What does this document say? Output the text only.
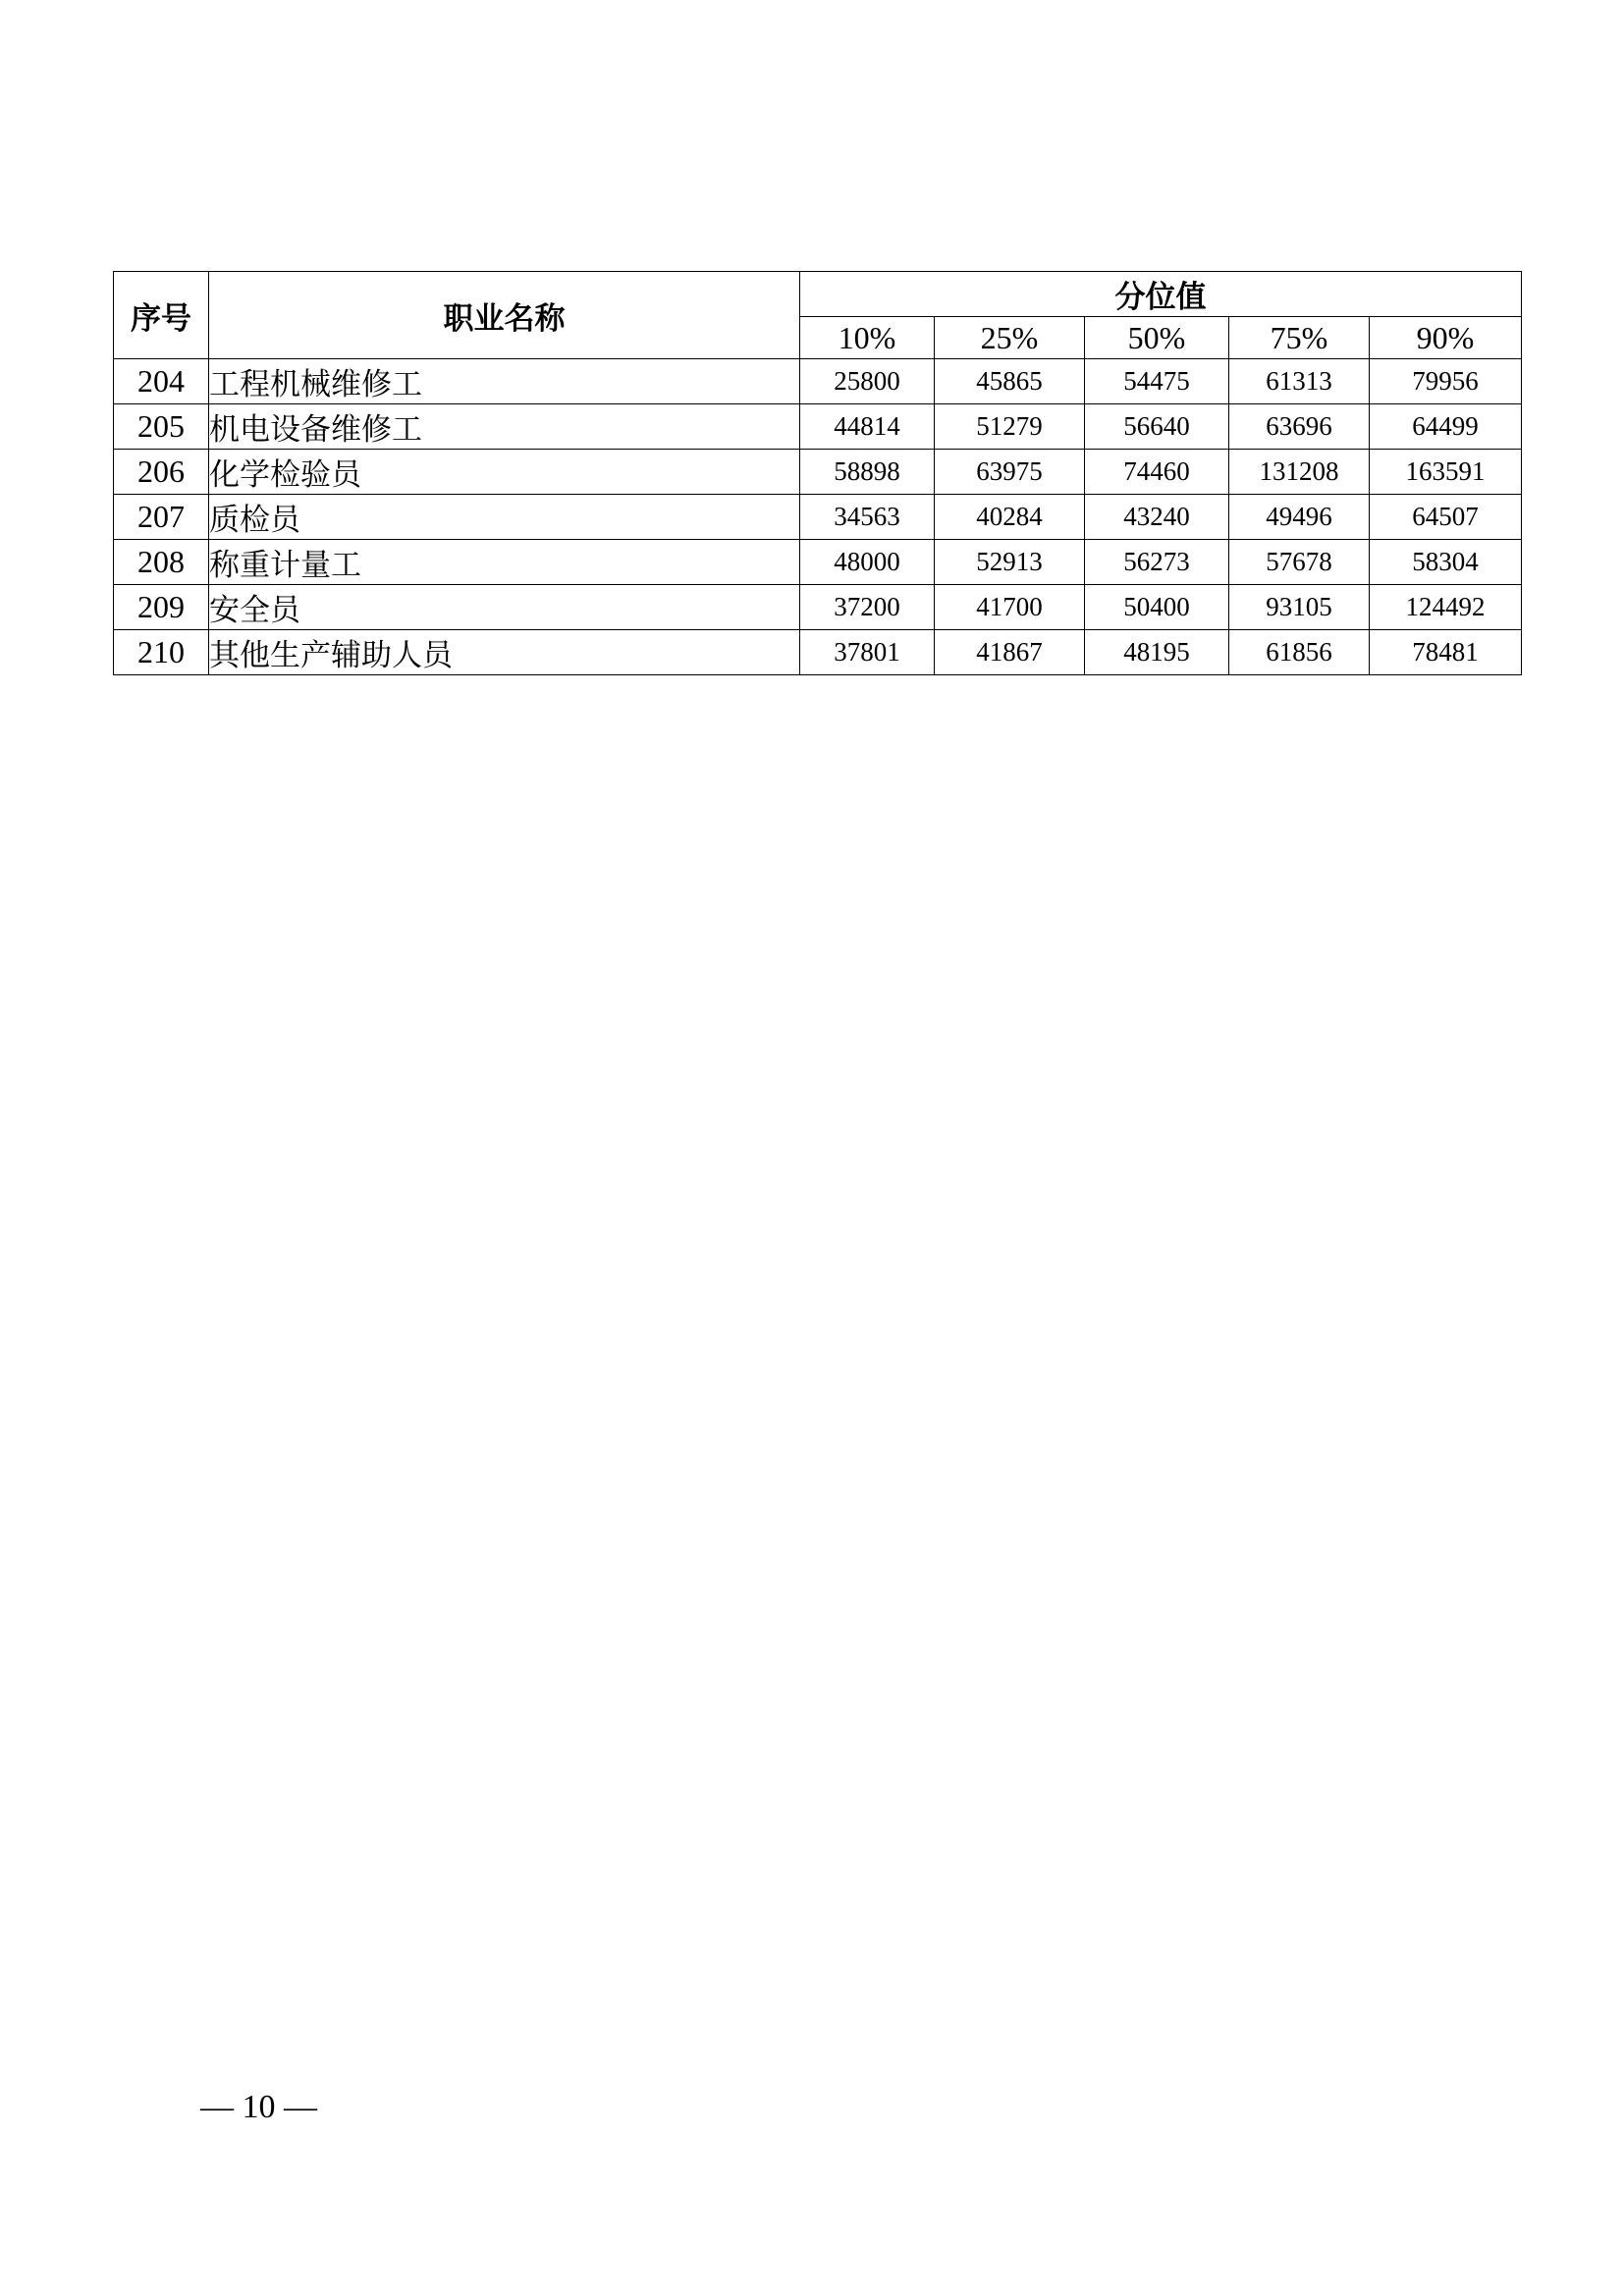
序号	职业名称	分位值				
		10%	25%	50%	75%	90%
204	工程机械维修工	25800	45865	54475	61313	79956
205	机电设备维修工	44814	51279	56640	63696	64499
206	化学检验员	58898	63975	74460	131208	163591
207	质检员	34563	40284	43240	49496	64507
208	称重计量工	48000	52913	56273	57678	58304
209	安全员	37200	41700	50400	93105	124492
210	其他生产辅助人员	37801	41867	48195	61856	78481
— 10 —
